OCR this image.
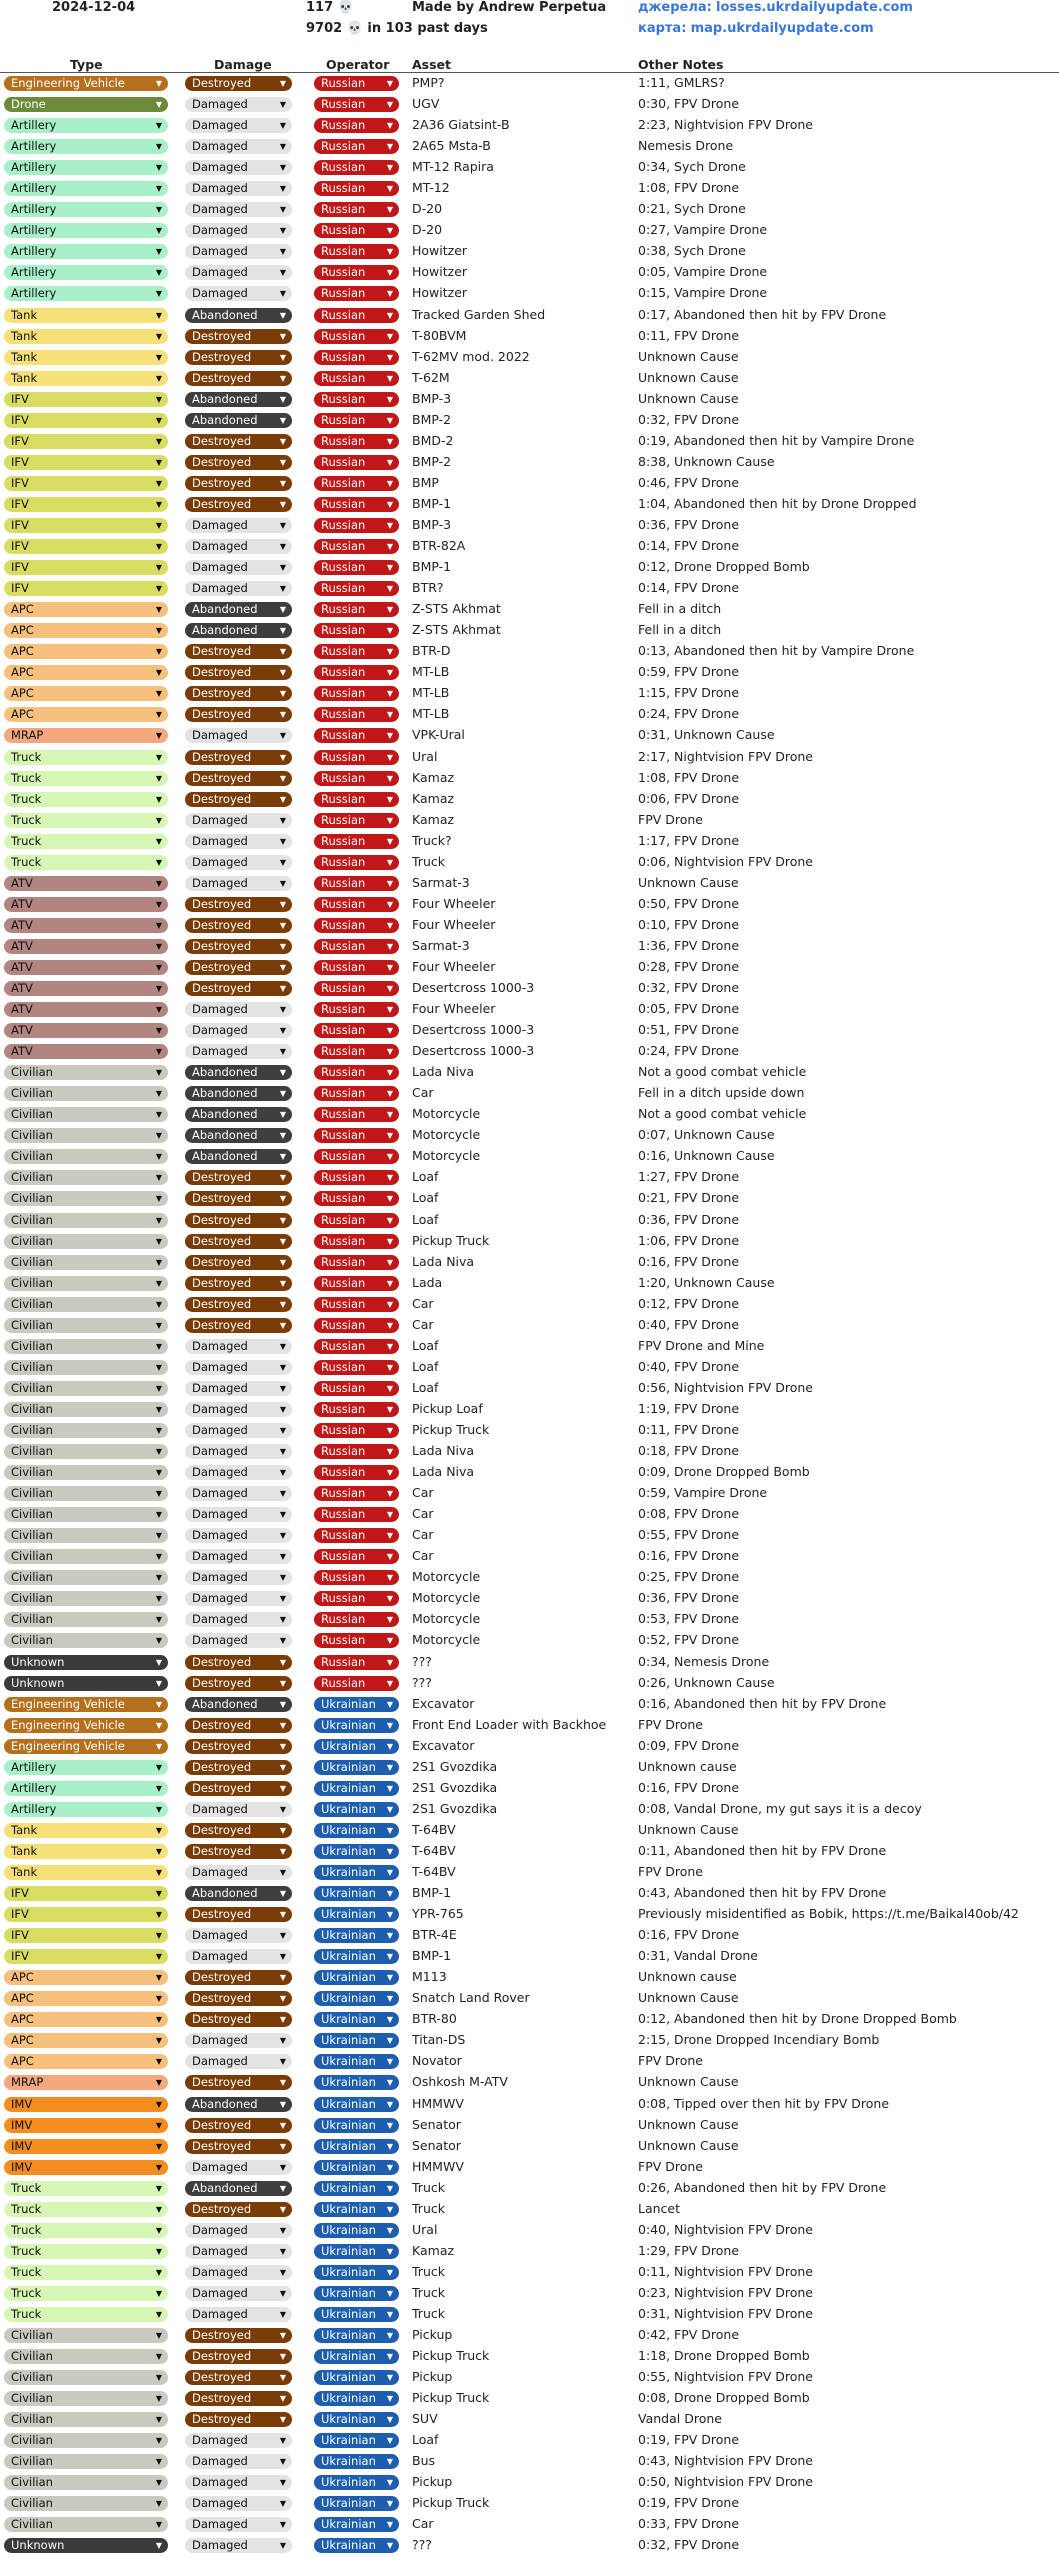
2024-12-04	117 💀	Made by Andrew Perpetua
9702 💀 in 103 past days
джерела: losses.ukrdailyupdate.com
карта: map.ukrdailyupdate.com
Type	Damage	Operator Asset	Other Notes
Engineering Vehicle	▼	Destroyed	▼	Russian	▼ PMP?	1:11, GMLRS?
Drone	▼	Damaged	▼	Russian	▼ UGV	0:30, FPV Drone
Artillery	▼	Damaged	▼	Russian	▼ 2A36 Giatsint-B	2:23, Nightvision FPV Drone
Artillery	▼	Damaged	▼	Russian	▼ 2A65 Msta-B	Nemesis Drone
Artillery	▼	Damaged	▼	Russian	▼ MT-12 Rapira	0:34, Sych Drone
Artillery	▼	Damaged	▼	Russian	▼ MT-12	1:08, FPV Drone
Artillery	▼	Damaged	▼	Russian	▼ D-20	0:21, Sych Drone
Artillery	▼	Damaged	▼	Russian	▼ D-20	0:27, Vampire Drone
Artillery	▼	Damaged	▼	Russian	▼ Howitzer	0:38, Sych Drone
Artillery	▼	Damaged	▼	Russian	▼ Howitzer	0:05, Vampire Drone
Artillery	▼	Damaged	▼	Russian	▼ Howitzer	0:15, Vampire Drone
Tank	▼	Abandoned	▼	Russian	▼ Tracked Garden Shed	0:17, Abandoned then hit by FPV Drone
Tank	▼	Destroyed	▼	Russian	▼ T-80BVM	0:11, FPV Drone
Tank	▼	Destroyed	▼	Russian	▼ T-62MV mod. 2022	Unknown Cause
Tank	▼	Destroyed	▼	Russian	▼ T-62M	Unknown Cause
IFV	▼	Abandoned	▼	Russian	▼ BMP-3	Unknown Cause
IFV	▼	Abandoned	▼	Russian	▼ BMP-2	0:32, FPV Drone
IFV	▼	Destroyed	▼	Russian	▼ BMD-2	0:19, Abandoned then hit by Vampire Drone
IFV	▼	Destroyed	▼	Russian	▼ BMP-2	8:38, Unknown Cause
IFV	▼	Destroyed	▼	Russian	▼ BMP	0:46, FPV Drone
IFV	▼	Destroyed	▼	Russian	▼ BMP-1	1:04, Abandoned then hit by Drone Dropped
IFV	▼	Damaged	▼	Russian	▼ BMP-3	0:36, FPV Drone
IFV	▼	Damaged	▼	Russian	▼ BTR-82A	0:14, FPV Drone
IFV	▼	Damaged	▼	Russian	▼ BMP-1	0:12, Drone Dropped Bomb
IFV	▼	Damaged	▼	Russian	▼ BTR?	0:14, FPV Drone
APC	▼	Abandoned	▼	Russian	▼ Z-STS Akhmat	Fell in a ditch
APC	▼	Abandoned	▼	Russian	▼ Z-STS Akhmat	Fell in a ditch
APC	▼	Destroyed	▼	Russian	▼ BTR-D	0:13, Abandoned then hit by Vampire Drone
APC	▼	Destroyed	▼	Russian	▼ MT-LB	0:59, FPV Drone
APC	▼	Destroyed	▼	Russian	▼ MT-LB	1:15, FPV Drone
APC	▼	Destroyed	▼	Russian	▼ MT-LB	0:24, FPV Drone
MRAP	▼	Damaged	▼	Russian	▼ VPK-Ural	0:31, Unknown Cause
Truck	▼	Destroyed	▼	Russian	▼ Ural	2:17, Nightvision FPV Drone
Truck	▼	Destroyed	▼	Russian	▼ Kamaz	1:08, FPV Drone
Truck	▼	Destroyed	▼	Russian	▼ Kamaz	0:06, FPV Drone
Truck	▼	Damaged	▼	Russian	▼ Kamaz	FPV Drone
Truck	▼	Damaged	▼	Russian	▼ Truck?	1:17, FPV Drone
Truck	▼	Damaged	▼	Russian	▼ Truck	0:06, Nightvision FPV Drone
ATV	▼	Damaged	▼	Russian	▼ Sarmat-3	Unknown Cause
ATV	▼	Destroyed	▼	Russian	▼ Four Wheeler	0:50, FPV Drone
ATV	▼	Destroyed	▼	Russian	▼ Four Wheeler	0:10, FPV Drone
ATV	▼	Destroyed	▼	Russian	▼ Sarmat-3	1:36, FPV Drone
ATV	▼	Destroyed	▼	Russian	▼ Four Wheeler	0:28, FPV Drone
ATV	▼	Destroyed	▼	Russian	▼ Desertcross 1000-3	0:32, FPV Drone
ATV	▼	Damaged	▼	Russian	▼ Four Wheeler	0:05, FPV Drone
ATV	▼	Damaged	▼	Russian	▼ Desertcross 1000-3	0:51, FPV Drone
ATV	▼	Damaged	▼	Russian	▼ Desertcross 1000-3	0:24, FPV Drone
Civilian	▼	Abandoned	▼	Russian	▼ Lada Niva	Not a good combat vehicle
Civilian	▼	Abandoned	▼	Russian	▼ Car	Fell in a ditch upside down
Civilian	▼	Abandoned	▼	Russian	▼ Motorcycle	Not a good combat vehicle
Civilian	▼	Abandoned	▼	Russian	▼ Motorcycle	0:07, Unknown Cause
Civilian	▼	Abandoned	▼	Russian	▼ Motorcycle	0:16, Unknown Cause
Civilian	▼	Destroyed	▼	Russian	▼ Loaf	1:27, FPV Drone
Civilian	▼	Destroyed	▼	Russian	▼ Loaf	0:21, FPV Drone
Civilian	▼	Destroyed	▼	Russian	▼ Loaf	0:36, FPV Drone
Civilian	▼	Destroyed	▼	Russian	▼ Pickup Truck	1:06, FPV Drone
Civilian	▼	Destroyed	▼	Russian	▼ Lada Niva	0:16, FPV Drone
Civilian	▼	Destroyed	▼	Russian	▼ Lada	1:20, Unknown Cause
Civilian	▼	Destroyed	▼	Russian	▼ Car	0:12, FPV Drone
Civilian	▼	Destroyed	▼	Russian	▼ Car	0:40, FPV Drone
Civilian	▼	Damaged	▼	Russian	▼ Loaf	FPV Drone and Mine
Civilian	▼	Damaged	▼	Russian	▼ Loaf	0:40, FPV Drone
Civilian	▼	Damaged	▼	Russian	▼ Loaf	0:56, Nightvision FPV Drone
Civilian	▼	Damaged	▼	Russian	▼ Pickup Loaf	1:19, FPV Drone
Civilian	▼	Damaged	▼	Russian	▼ Pickup Truck	0:11, FPV Drone
Civilian	▼	Damaged	▼	Russian	▼ Lada Niva	0:18, FPV Drone
Civilian	▼	Damaged	▼	Russian	▼ Lada Niva	0:09, Drone Dropped Bomb
Civilian	▼	Damaged	▼	Russian	▼ Car	0:59, Vampire Drone
Civilian	▼	Damaged	▼	Russian	▼ Car	0:08, FPV Drone
Civilian	▼	Damaged	▼	Russian	▼ Car	0:55, FPV Drone
Civilian	▼	Damaged	▼	Russian	▼ Car	0:16, FPV Drone
Civilian	▼	Damaged	▼	Russian	▼ Motorcycle	0:25, FPV Drone
Civilian	▼	Damaged	▼	Russian	▼ Motorcycle	0:36, FPV Drone
Civilian	▼	Damaged	▼	Russian	▼ Motorcycle	0:53, FPV Drone
Civilian	▼	Damaged	▼	Russian	▼ Motorcycle	0:52, FPV Drone
Unknown	▼	Destroyed	▼	Russian	▼ ???	0:34, Nemesis Drone
Unknown	▼	Destroyed	▼	Russian	▼ ???	0:26, Unknown Cause
Engineering Vehicle	▼	Abandoned	▼	Ukrainian ▼ Excavator	0:16, Abandoned then hit by FPV Drone
Engineering Vehicle	▼	Destroyed	▼	Ukrainian ▼ Front End Loader with Backhoe	FPV Drone
Engineering Vehicle	▼	Destroyed	▼	Ukrainian ▼ Excavator	0:09, FPV Drone
Artillery	▼	Destroyed	▼	Ukrainian ▼ 2S1 Gvozdika	Unknown cause
Artillery	▼	Destroyed	▼	Ukrainian ▼ 2S1 Gvozdika	0:16, FPV Drone
Artillery	▼	Damaged	▼	Ukrainian ▼ 2S1 Gvozdika	0:08, Vandal Drone, my gut says it is a decoy
Tank	▼	Destroyed	▼	Ukrainian ▼ T-64BV	Unknown Cause
Tank	▼	Destroyed	▼	Ukrainian ▼ T-64BV	0:11, Abandoned then hit by FPV Drone
Tank	▼	Damaged	▼	Ukrainian ▼ T-64BV	FPV Drone
IFV	▼	Abandoned	▼	Ukrainian ▼ BMP-1	0:43, Abandoned then hit by FPV Drone
IFV	▼	Destroyed	▼	Ukrainian ▼ YPR-765	Previously misidentified as Bobik, https://t.me/Baikal40ob/42
IFV	▼	Damaged	▼	Ukrainian ▼ BTR-4E	0:16, FPV Drone
IFV	▼	Damaged	▼	Ukrainian ▼ BMP-1	0:31, Vandal Drone
APC	▼	Destroyed	▼	Ukrainian ▼ M113	Unknown cause
APC	▼	Destroyed	▼	Ukrainian ▼ Snatch Land Rover	Unknown Cause
APC	▼	Destroyed	▼	Ukrainian ▼ BTR-80	0:12, Abandoned then hit by Drone Dropped Bomb
APC	▼	Damaged	▼	Ukrainian ▼ Titan-DS	2:15, Drone Dropped Incendiary Bomb
APC	▼	Damaged	▼	Ukrainian ▼ Novator	FPV Drone
MRAP	▼	Destroyed	▼	Ukrainian ▼ Oshkosh M-ATV	Unknown Cause
IMV	▼	Abandoned	▼	Ukrainian ▼ HMMWV	0:08, Tipped over then hit by FPV Drone
IMV	▼	Destroyed	▼	Ukrainian ▼ Senator	Unknown Cause
IMV	▼	Destroyed	▼	Ukrainian ▼ Senator	Unknown Cause
IMV	▼	Damaged	▼	Ukrainian ▼ HMMWV	FPV Drone
Truck	▼	Abandoned	▼	Ukrainian ▼ Truck	0:26, Abandoned then hit by FPV Drone
Truck	▼	Destroyed	▼	Ukrainian ▼ Truck	Lancet
Truck	▼	Damaged	▼	Ukrainian ▼ Ural	0:40, Nightvision FPV Drone
Truck	▼	Damaged	▼	Ukrainian ▼ Kamaz	1:29, FPV Drone
Truck	▼	Damaged	▼	Ukrainian ▼ Truck	0:11, Nightvision FPV Drone
Truck	▼	Damaged	▼	Ukrainian ▼ Truck	0:23, Nightvision FPV Drone
Truck	▼	Damaged	▼	Ukrainian ▼ Truck	0:31, Nightvision FPV Drone
Civilian	▼	Destroyed	▼	Ukrainian ▼ Pickup	0:42, FPV Drone
Civilian	▼	Destroyed	▼	Ukrainian ▼ Pickup Truck	1:18, Drone Dropped Bomb
Civilian	▼	Destroyed	▼	Ukrainian ▼ Pickup	0:55, Nightvision FPV Drone
Civilian	▼	Destroyed	▼	Ukrainian ▼ Pickup Truck	0:08, Drone Dropped Bomb
Civilian	▼	Destroyed	▼	Ukrainian ▼ SUV	Vandal Drone
Civilian	▼	Damaged	▼	Ukrainian ▼ Loaf	0:19, FPV Drone
Civilian	▼	Damaged	▼	Ukrainian ▼ Bus	0:43, Nightvision FPV Drone
Civilian	▼	Damaged	▼	Ukrainian ▼ Pickup	0:50, Nightvision FPV Drone
Civilian	▼	Damaged	▼	Ukrainian ▼ Pickup Truck	0:19, FPV Drone
Civilian	▼	Damaged	▼	Ukrainian ▼ Car	0:33, FPV Drone
Unknown	▼	Damaged	▼	Ukrainian ▼ ???	0:32, FPV Drone
